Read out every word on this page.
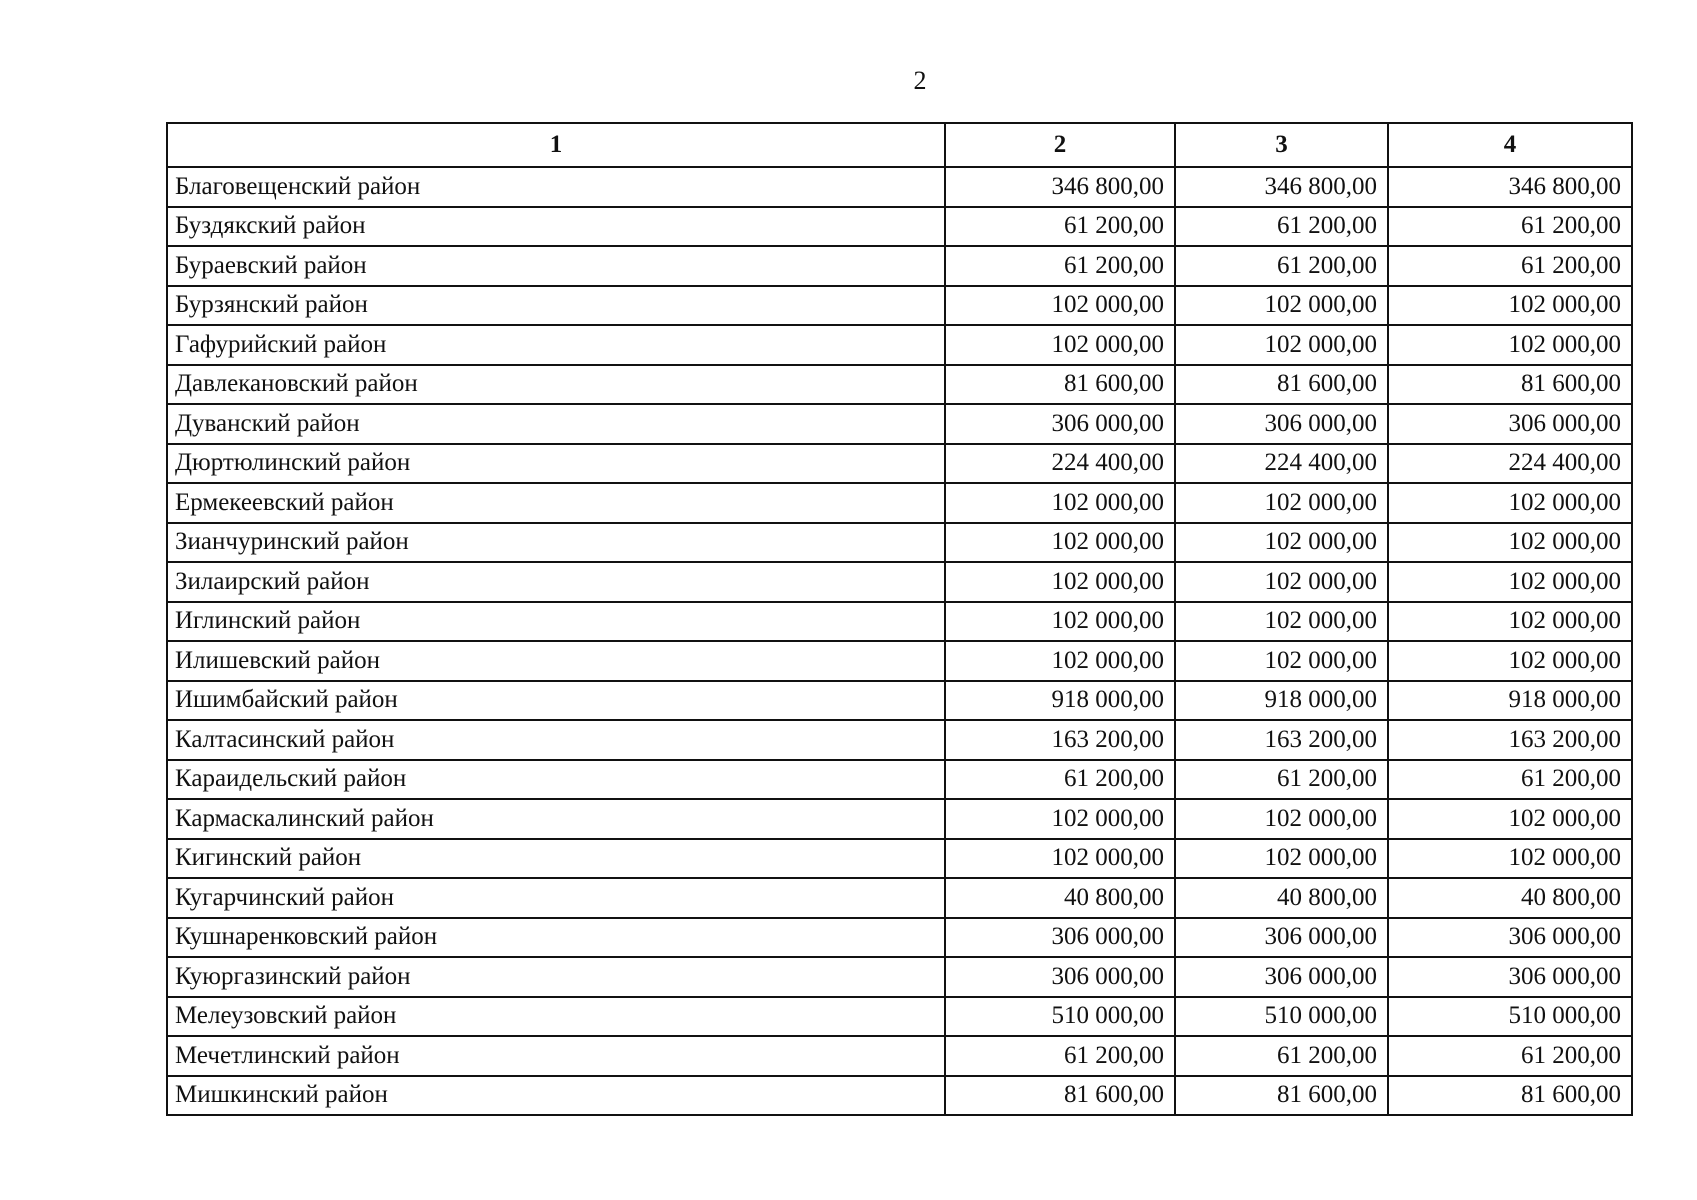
2
1	2	3	4
Благовещенский район	346 800,00	346 800,00	346 800,00
Буздякский район	61 200,00	61 200,00	61 200,00
Бураевский район	61 200,00	61 200,00	61 200,00
Бурзянский район	102 000,00	102 000,00	102 000,00
Гафурийский район	102 000,00	102 000,00	102 000,00
Давлекановский район	81 600,00	81 600,00	81 600,00
Дуванский район	306 000,00	306 000,00	306 000,00
Дюртюлинский район	224 400,00	224 400,00	224 400,00
Ермекеевский район	102 000,00	102 000,00	102 000,00
Зианчуринский район	102 000,00	102 000,00	102 000,00
Зилаирский район	102 000,00	102 000,00	102 000,00
Иглинский район	102 000,00	102 000,00	102 000,00
Илишевский район	102 000,00	102 000,00	102 000,00
Ишимбайский район	918 000,00	918 000,00	918 000,00
Калтасинский район	163 200,00	163 200,00	163 200,00
Караидельский район	61 200,00	61 200,00	61 200,00
Кармаскалинский район	102 000,00	102 000,00	102 000,00
Кигинский район	102 000,00	102 000,00	102 000,00
Кугарчинский район	40 800,00	40 800,00	40 800,00
Кушнаренковский район	306 000,00	306 000,00	306 000,00
Куюргазинский район	306 000,00	306 000,00	306 000,00
Мелеузовский район	510 000,00	510 000,00	510 000,00
Мечетлинский район	61 200,00	61 200,00	61 200,00
Мишкинский район	81 600,00	81 600,00	81 600,00
